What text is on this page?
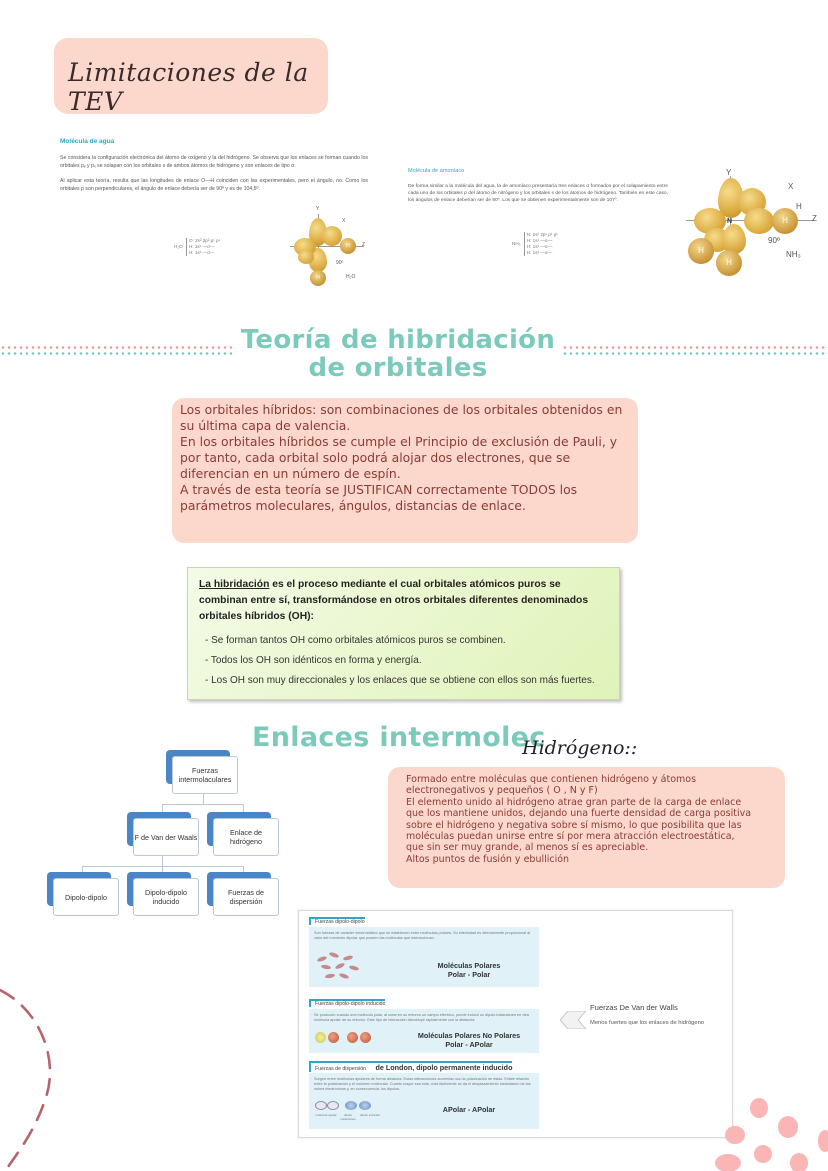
Limitaciones de la TEV
Molécula de agua
Se considera la configuración electrónica del átomo de oxígeno y la del hidrógeno. Se observa que los enlaces se forman cuando los orbitales pᵧ y pₓ se solapan con los orbitales s de ambos átomos de hidrógeno y son enlaces de tipo σ.
Al aplicar esta teoría, resulta que las longitudes de enlace O—H coinciden con las experimentales, pero el ángulo, no. Como los orbitales p son perpendiculares, el ángulo de enlace debería ser de 90º y es de 104,5º.
H₂O
O: 2s² 2p² p¹ p¹
H: 1s¹ —σ—
H: 1s¹ —σ—
H
H
Y
X
Z
90º
H₂O
Molécula de amoníaco
De forma similar a la molécula del agua, la de amoníaco presentaría tres enlaces σ formados por el solapamiento entre cada uno de los orbitales p del átomo de nitrógeno y los orbitales s de los átomos de hidrógeno. También en este caso, los ángulos de enlace deberían ser de 90º. Los que se obtienen experimentalmente son de 107º.
NH₃
N: 2s² 2p¹ p¹ p¹
H: 1s¹ —σ—
H: 1s¹ —σ—
H: 1s¹ —σ—
H
H
H
N
Y
X
Z
H
90º
NH₃
Teoría de hibridación
de orbitales

Los orbitales híbridos: son combinaciones de los orbitales obtenidos en

su última capa de valencia.

En los orbitales híbridos se cumple el Principio de exclusión de Pauli, y

por tanto, cada orbital solo podrá alojar dos electrones, que se

diferencian en un número de espín.

A través de esta teoría se JUSTIFICAN correctamente TODOS los

parámetros moleculares, ángulos, distancias de enlace.

La hibridación es el proceso mediante el cual orbitales atómicos puros se combinan entre sí, transformándose en otros orbitales diferentes denominados orbitales híbridos (OH):
- Se forman tantos OH como orbitales atómicos puros se combinen.
- Todos los OH son idénticos en forma y energía.
- Los OH son muy direccionales y los enlaces que se obtiene con ellos son más fuertes.
Enlaces intermolec
Hidrógeno::
Fuerzas intermolaculares
F de Van der Waals	Enlace de hidrógeno
Dipolo-dipolo	Dipolo-dipolo inducido
Fuerzas de dispersión

Formado entre moléculas que contienen hidrógeno y átomos

electronegativos y pequeños ( O , N y F)

El elemento unido al hidrógeno atrae gran parte de la carga de enlace

que los mantiene unidos, dejando una fuerte densidad de carga positiva

sobre el hidrógeno y negativa sobre sí mismo, lo que posibilita que las

moléculas puedan unirse entre sí por mera atracción electroestática,

que sin ser muy grande, al menos sí es apreciable.

Altos puntos de fusión y ebullición

Fuerzas dipolo-dipolo
Son fuerzas de carácter electrostático que se establecen entre moléculas polares. Su intensidad es directamente proporcional al valor del momento dipolar que poseen las moléculas que interaccionan.
Moléculas Polares
Polar - Polar
Fuerzas dipolo-dipolo inducido
Se producen cuando una molécula polar, al crear en su entorno un campo eléctrico, puede inducir un dipolo instantáneo en otra molécula apolar de su entorno. Este tipo de interacción disminuye rápidamente con la distancia.
Moléculas Polares No Polares
Polar - APolar
Fuerzas de dispersión de London, dipolo permanente inducido
Surgen entre moléculas apolares de forma aleatoria. Estas interacciones aumentan con la polarización de estas. Existe relación entre la polarización y el volumen molecular. Cuanto mayor sea este, más fácilmente se da el desplazamiento instantáneo de las nubes electrónicas y, en consecuencia, los dipolos.
molécula apolar	dipolo instantáneo
dipolo inducido
APolar - APolar
Fuerzas De Van der Walls
Menos fuertes que los enlaces de hidrógeno
